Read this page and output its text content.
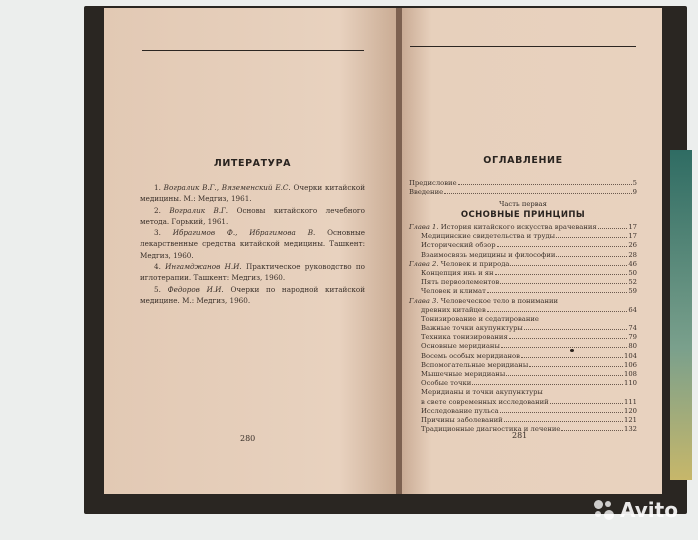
ЛИТЕРАТУРА

1. Вогралик В.Г., Вяземенский Е.С. Очерки китайской медицины. М.: Медгиз, 1961.

2. Вогралик В.Г. Основы китайского лечебного метода. Горький, 1961.

3. Ибрагимов Ф., Ибрагимова В. Основные лекарственные средства китайской медицины. Ташкент: Медгиз, 1960.

4. Ингамджанов Н.И. Практическое руководство по иглотерапии. Ташкент: Медгиз, 1960.

5. Федоров И.И. Очерки по народной китайской медицине. М.: Медгиз, 1960.

280
ОГЛАВЛЕНИЕ
Предисловие	5
Введение	9
Часть первая
ОСНОВНЫЕ ПРИНЦИПЫ
Глава 1. История китайского искусства врачевания	17
Медицинские свидетельства и труды	17
Исторический обзор	26
Взаимосвязь медицины и философии	28
Глава 2. Человек и природа	46
Концепция инь и ян	50
Пять первоэлементов	52
Человек и климат	59
Глава 3. Человеческое тело в понимании
древних китайцев	64
Тонизирование и седатирование
Важные точки акупунктуры	74
Техника тонизирования	79
Основные меридианы	80
Восемь особых меридианов	104
Вспомогательные меридианы	106
Мышечные меридианы	108
Особые точки	110
Меридианы и точки акупунктуры
в свете современных исследований	111
Исследование пульса	120
Причины заболеваний	121
Традиционные диагностика и лечение	132
281
Avito
